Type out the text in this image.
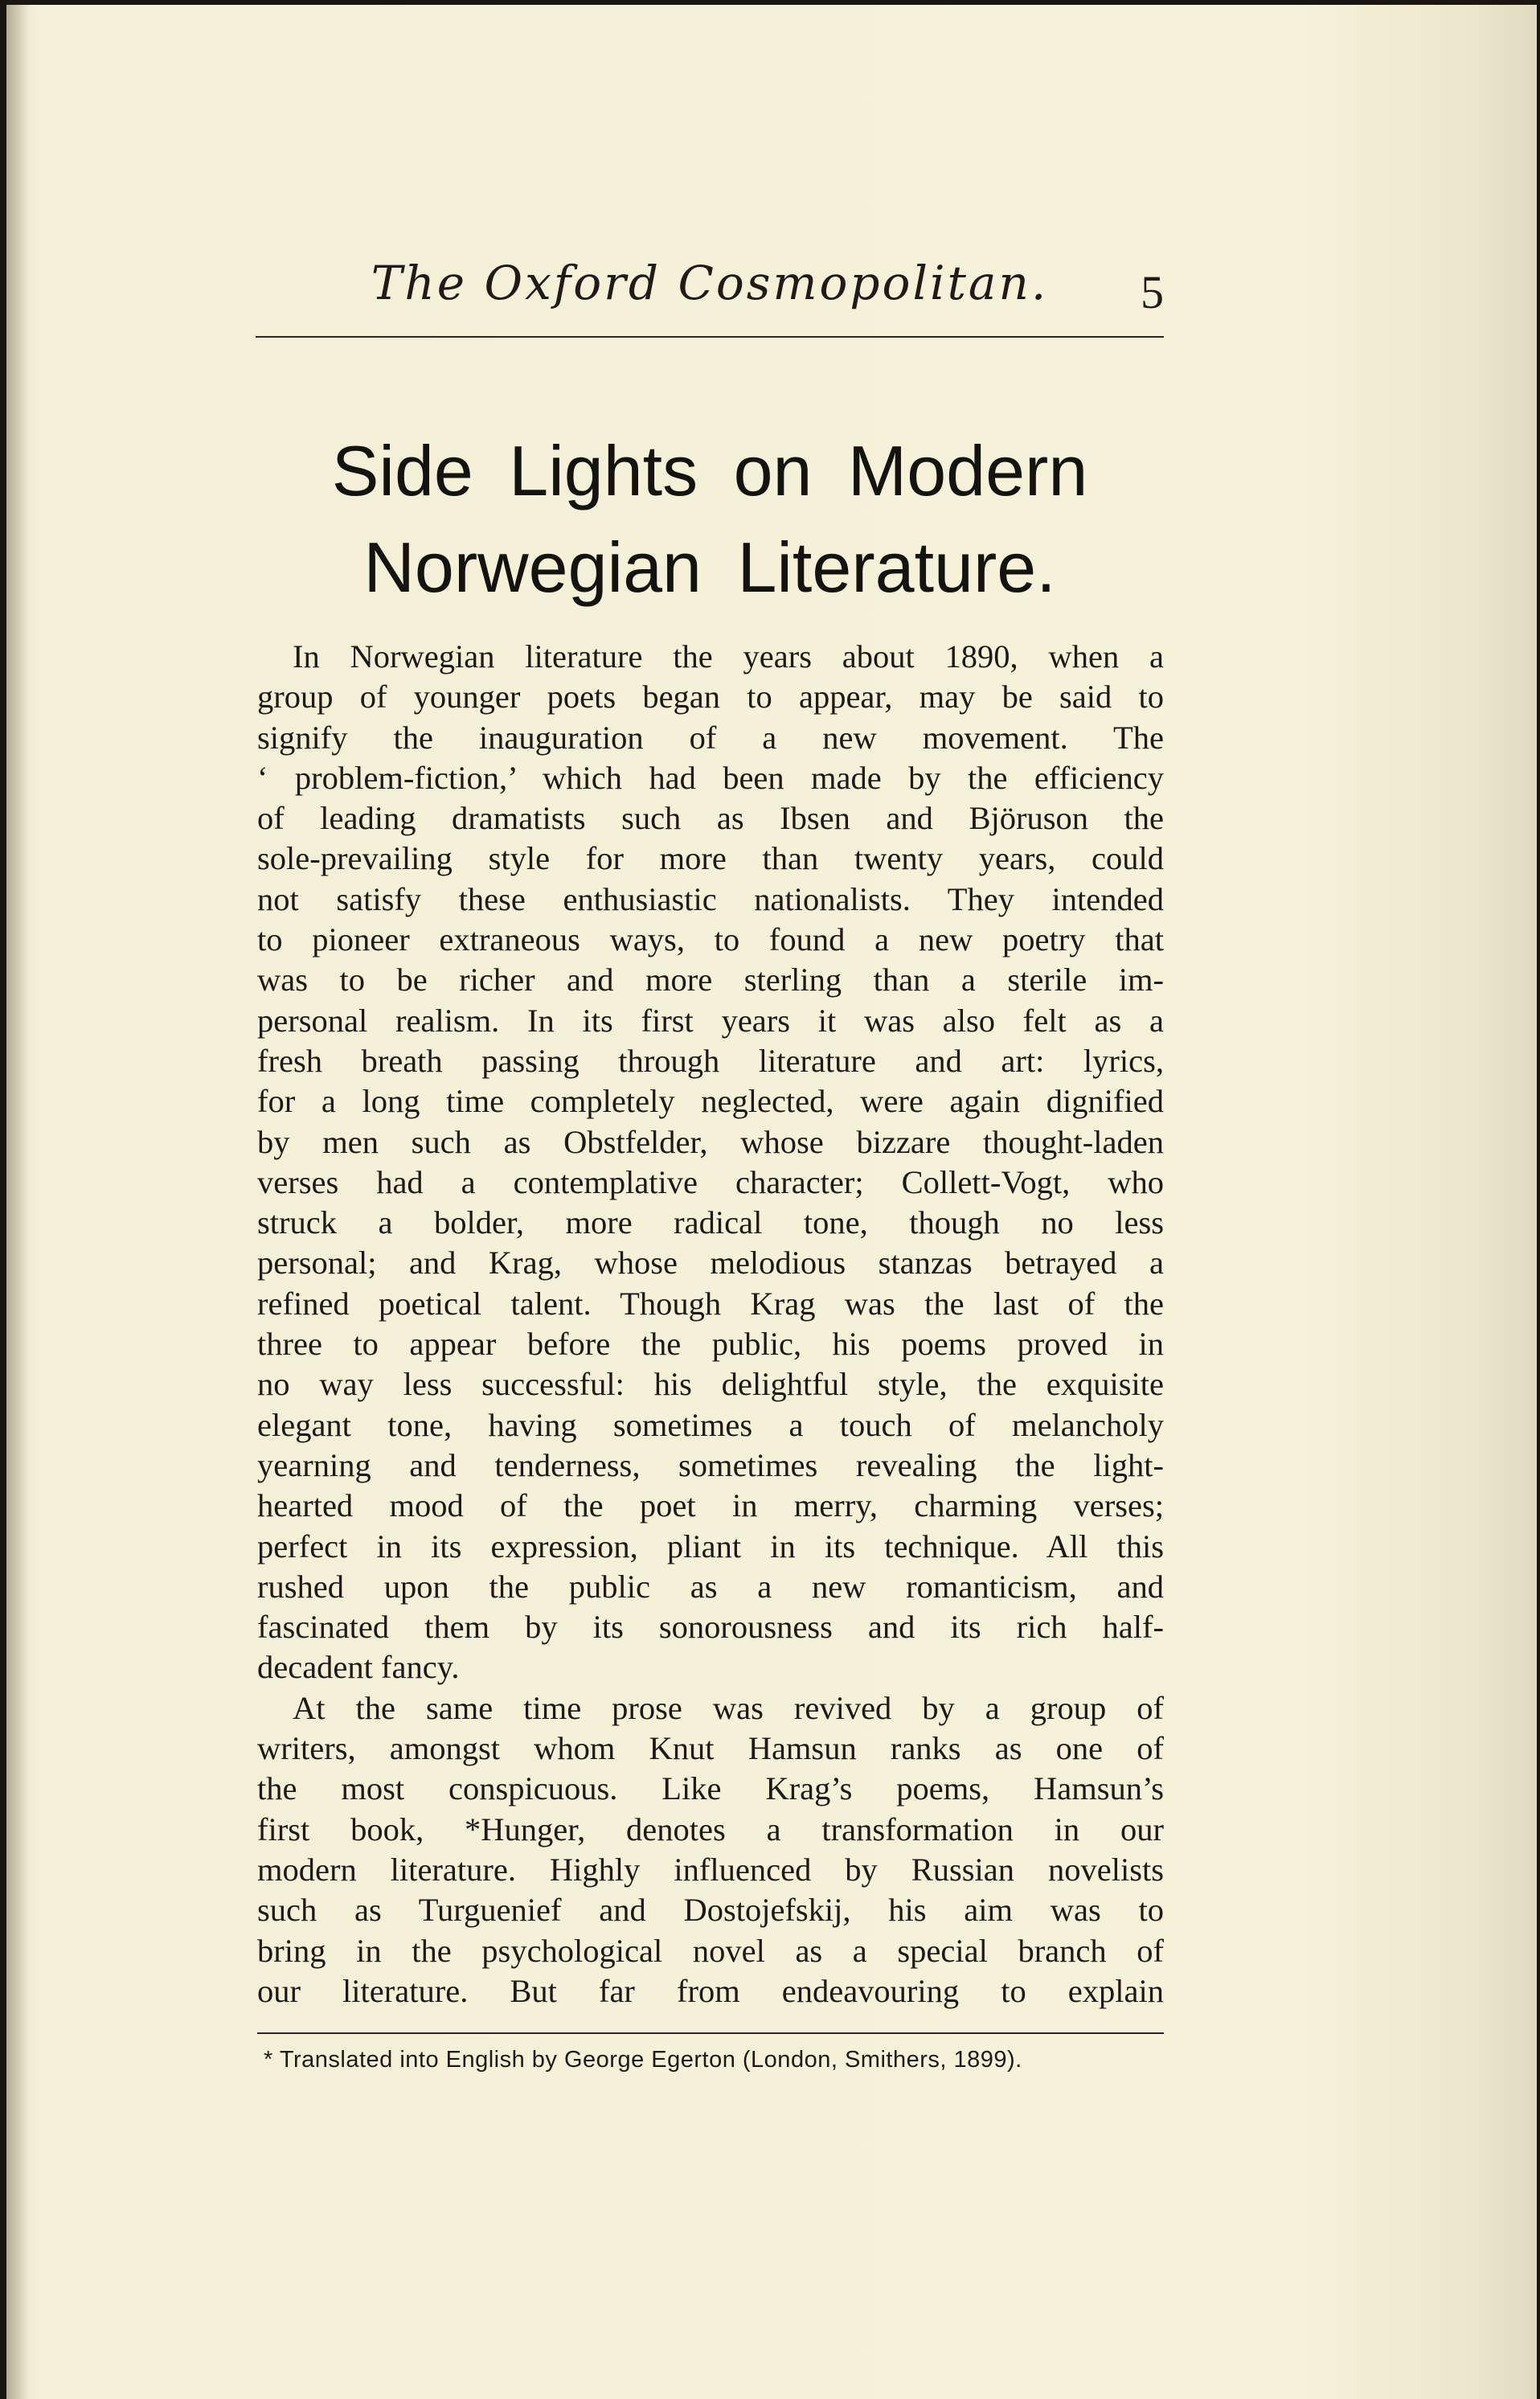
The Oxford Cosmopolitan.	5
Side Lights on Modern
Norwegian Literature.
In Norwegian literature the years about 1890, when a
group of younger poets began to appear, may be said to
signify the inauguration of a new movement. The
‘ problem-fiction,’ which had been made by the efficiency
of leading dramatists such as Ibsen and Björuson the
sole-prevailing style for more than twenty years, could
not satisfy these enthusiastic nationalists. They intended
to pioneer extraneous ways, to found a new poetry that
was to be richer and more sterling than a sterile im-
personal realism. In its first years it was also felt as a
fresh breath passing through literature and art: lyrics,
for a long time completely neglected, were again dignified
by men such as Obstfelder, whose bizzare thought-laden
verses had a contemplative character; Collett-Vogt, who
struck a bolder, more radical tone, though no less
personal; and Krag, whose melodious stanzas betrayed a
refined poetical talent. Though Krag was the last of the
three to appear before the public, his poems proved in
no way less successful: his delightful style, the exquisite
elegant tone, having sometimes a touch of melancholy
yearning and tenderness, sometimes revealing the light-
hearted mood of the poet in merry, charming verses;
perfect in its expression, pliant in its technique. All this
rushed upon the public as a new romanticism, and
fascinated them by its sonorousness and its rich half-
decadent fancy.
At the same time prose was revived by a group of
writers, amongst whom Knut Hamsun ranks as one of
the most conspicuous. Like Krag’s poems, Hamsun’s
first book, *Hunger, denotes a transformation in our
modern literature. Highly influenced by Russian novelists
such as Turguenief and Dostojefskij, his aim was to
bring in the psychological novel as a special branch of
our literature. But far from endeavouring to explain
* Translated into English by George Egerton (London, Smithers, 1899).
